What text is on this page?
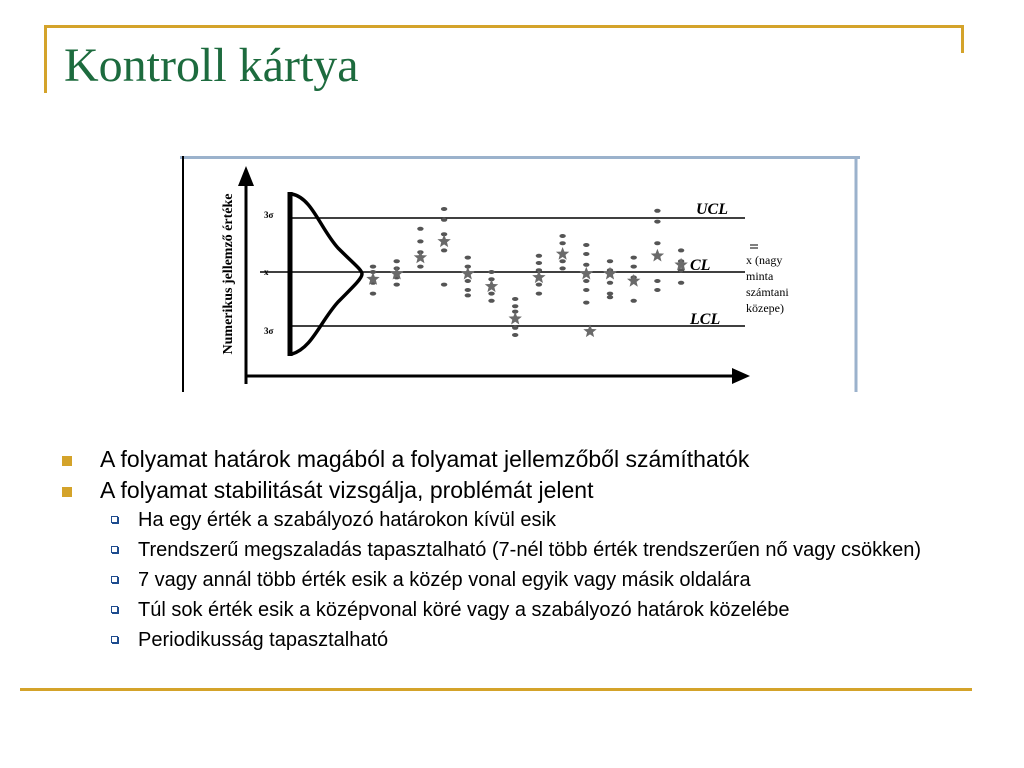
Kontroll kártya
Numerikus jellemző értéke	UCL
CL
LCL
3σ
3σ
x
x (nagy
minta
számtani
közepe)
A folyamat határok magából a folyamat jellemzőből számíthatók
A folyamat stabilitását vizsgálja, problémát jelent
Ha egy érték a szabályozó határokon kívül esik
Trendszerű megszaladás tapasztalható (7-nél több érték trendszerűen nő vagy csökken)
7 vagy annál több érték esik a közép vonal egyik vagy másik oldalára
Túl sok érték esik a középvonal köré vagy a szabályozó határok közelébe
Periodikusság tapasztalható
